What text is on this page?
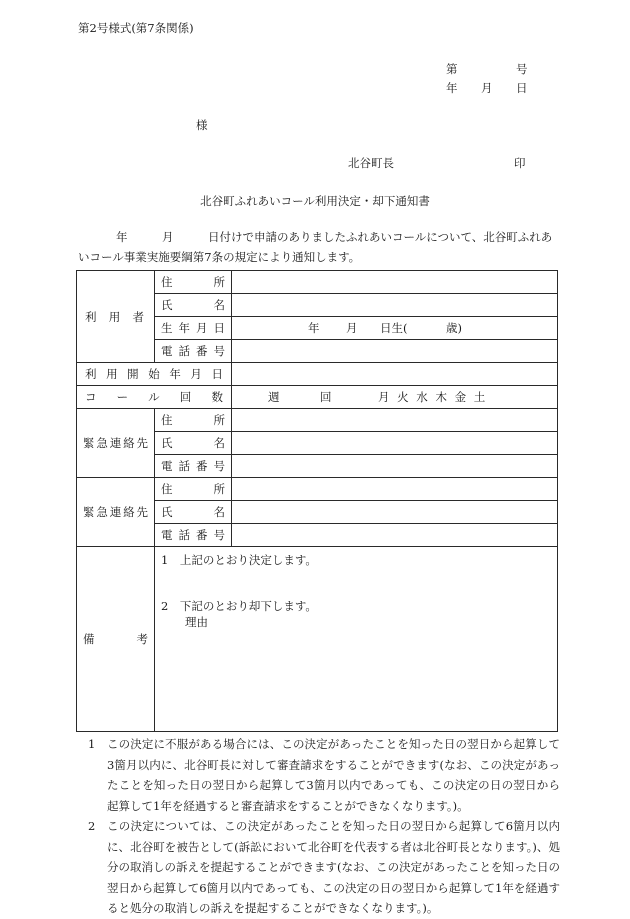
第2号様式(第7条関係)
第	号
年 月 日
様
北谷町長	印
北谷町ふれあいコール利用決定・却下通知書
年　　　	月　　　	日付けで申請のありましたふれあいコールについて、北谷町ふれあいコール事業実施要綱第7条の規定により通知します。
利用者	住所	
	氏名	
	生年月日	年 月 日生( 歳)

	電話番号	
利用開始年月日		
コール回数		週 回 月 火 水 木 金 土

緊急連絡先	住所	
	氏名	
	電話番号	

緊急連絡先	住所	
	氏名	
	電話番号	

備考	1　上記のとおり決定します。
2　下記のとおり却下します。
理由	

1 この決定に不服がある場合には、この決定があったことを知った日の翌日から起算して3箇月以内に、北谷町長に対して審査請求をすることができます(なお、この決定があったことを知った日の翌日から起算して3箇月以内であっても、この決定の日の翌日から起算して1年を経過すると審査請求をすることができなくなります。)。

2 この決定については、この決定があったことを知った日の翌日から起算して6箇月以内に、北谷町を被告として(訴訟において北谷町を代表する者は北谷町長となります。)、処分の取消しの訴えを提起することができます(なお、この決定があったことを知った日の翌日から起算して6箇月以内であっても、この決定の日の翌日から起算して1年を経過すると処分の取消しの訴えを提起することができなくなります。)。
